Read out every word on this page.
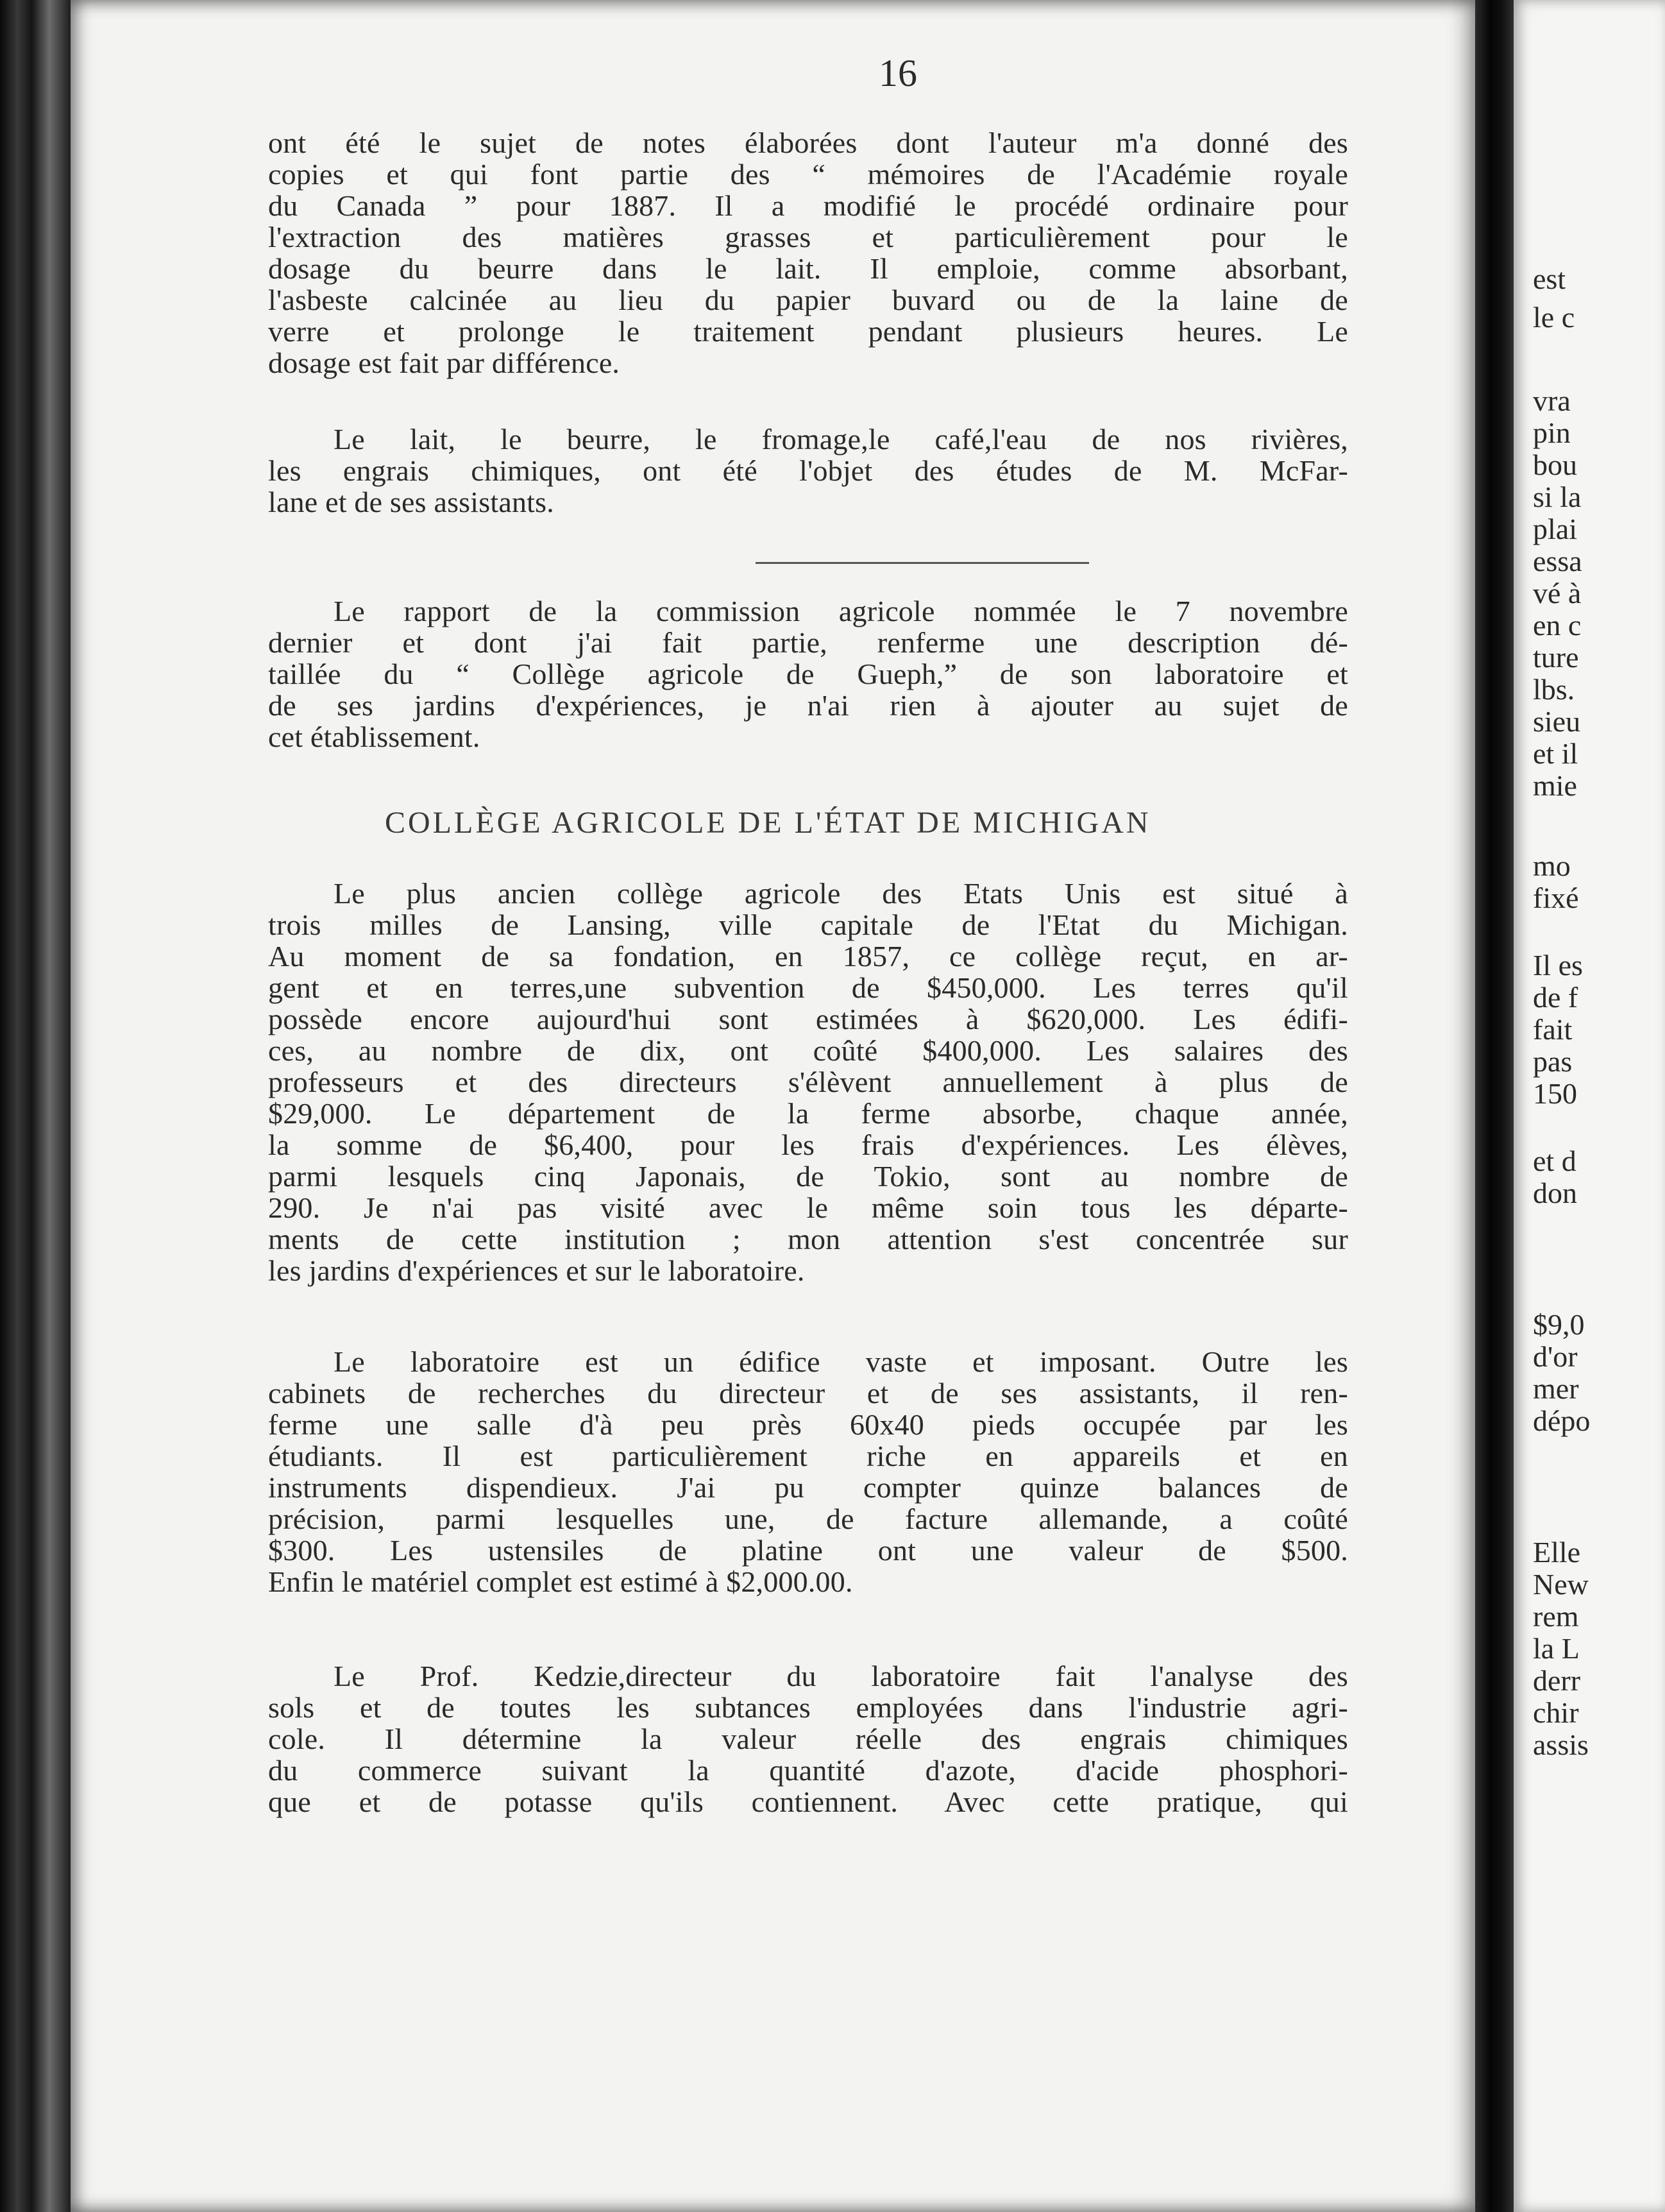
16
est
le c
vra
pin
bou
si la
plai
essa
vé à
en c
ture
lbs.
sieu
et il
mie
mo
fixé
Il es
de f
fait
pas
150
et d
don
$9,0
d'or
mer
dépo
Elle
New
rem
la L
derr
chir
assis
ont été le sujet de notes élaborées dont l'auteur m'a donné des
copies et qui font partie des “ mémoires de l'Académie royale
du Canada ” pour 1887. Il a modifié le procédé ordinaire pour
l'extraction des matières grasses et particulièrement pour le
dosage du beurre dans le lait. Il emploie, comme absorbant,
l'asbeste calcinée au lieu du papier buvard ou de la laine de
verre et prolonge le traitement pendant plusieurs heures. Le
dosage est fait par différence.
Le lait, le beurre, le fromage,le café,l'eau de nos rivières,
les engrais chimiques, ont été l'objet des études de M. McFar-
lane et de ses assistants.
Le rapport de la commission agricole nommée le 7 novembre
dernier et dont j'ai fait partie, renferme une description dé-
taillée du “ Collège agricole de Gueph,” de son laboratoire et
de ses jardins d'expériences, je n'ai rien à ajouter au sujet de
cet établissement.
COLLÈGE AGRICOLE DE L'ÉTAT DE MICHIGAN
Le plus ancien collège agricole des Etats Unis est situé à
trois milles de Lansing, ville capitale de l'Etat du Michigan.
Au moment de sa fondation, en 1857, ce collège reçut, en ar-
gent et en terres,une subvention de $450,000. Les terres qu'il
possède encore aujourd'hui sont estimées à $620,000. Les édifi-
ces, au nombre de dix, ont coûté $400,000. Les salaires des
professeurs et des directeurs s'élèvent annuellement à plus de
$29,000. Le département de la ferme absorbe, chaque année,
la somme de $6,400, pour les frais d'expériences. Les élèves,
parmi lesquels cinq Japonais, de Tokio, sont au nombre de
290. Je n'ai pas visité avec le même soin tous les départe-
ments de cette institution ; mon attention s'est concentrée sur
les jardins d'expériences et sur le laboratoire.
Le laboratoire est un édifice vaste et imposant. Outre les
cabinets de recherches du directeur et de ses assistants, il ren-
ferme une salle d'à peu près 60x40 pieds occupée par les
étudiants. Il est particulièrement riche en appareils et en
instruments dispendieux. J'ai pu compter quinze balances de
précision, parmi lesquelles une, de facture allemande, a coûté
$300. Les ustensiles de platine ont une valeur de $500.
Enfin le matériel complet est estimé à $2,000.00.
Le Prof. Kedzie,directeur du laboratoire fait l'analyse des
sols et de toutes les subtances employées dans l'industrie agri-
cole. Il détermine la valeur réelle des engrais chimiques
du commerce suivant la quantité d'azote, d'acide phosphori-
que et de potasse qu'ils contiennent. Avec cette pratique, qui
